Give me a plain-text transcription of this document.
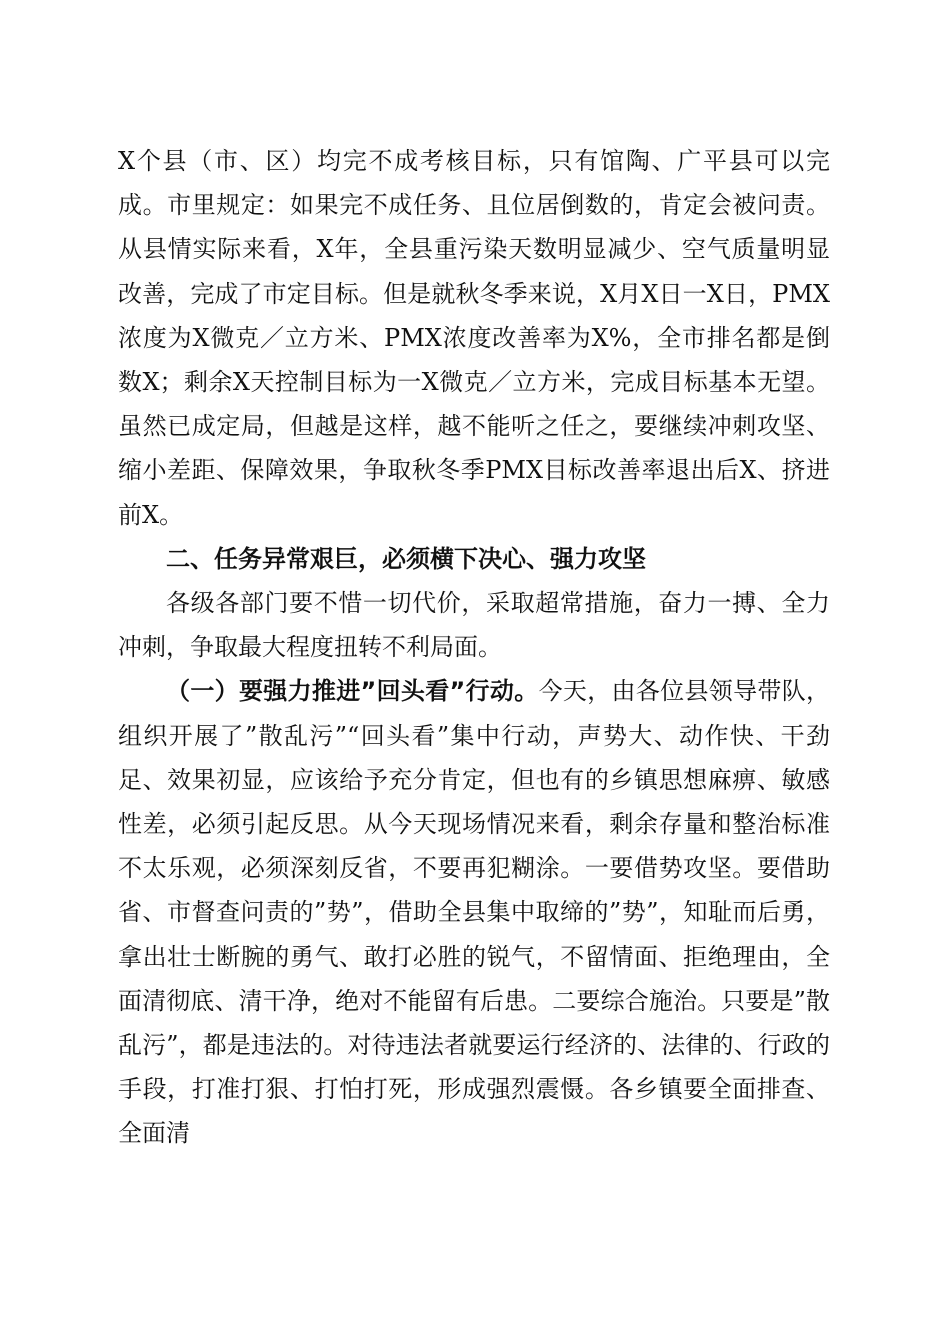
X个县（市、区）均完不成考核目标，只有馆陶、广平县可以完成。市里规定：如果完不成任务、且位居倒数的，肯定会被问责。从县情实际来看，X年，全县重污染天数明显减少、空气质量明显改善，完成了市定目标。但是就秋冬季来说，X月X日一X日，PMX浓度为X微克／立方米、PMX浓度改善率为X%，全市排名都是倒数X；剩余X天控制目标为一X微克／立方米，完成目标基本无望。虽然已成定局，但越是这样，越不能听之任之，要继续冲刺攻坚、缩小差距、保障效果，争取秋冬季PMX目标改善率退出后X、挤进前X。

二、任务异常艰巨，必须横下决心、强力攻坚

各级各部门要不惜一切代价，采取超常措施，奋力一搏、全力冲刺，争取最大程度扭转不利局面。

（一）要强力推进”回头看”行动。今天，由各位县领导带队，组织开展了”散乱污”“回头看”集中行动，声势大、动作快、干劲足、效果初显，应该给予充分肯定，但也有的乡镇思想麻痹、敏感性差，必须引起反思。从今天现场情况来看，剩余存量和整治标准不太乐观，必须深刻反省，不要再犯糊涂。一要借势攻坚。要借助省、市督查问责的”势”，借助全县集中取缔的”势”，知耻而后勇，拿出壮士断腕的勇气、敢打必胜的锐气，不留情面、拒绝理由，全面清彻底、清干净，绝对不能留有后患。二要综合施治。只要是”散乱污”，都是违法的。对待违法者就要运行经济的、法律的、行政的手段，打准打狠、打怕打死，形成强烈震慑。各乡镇要全面排查、全面清
